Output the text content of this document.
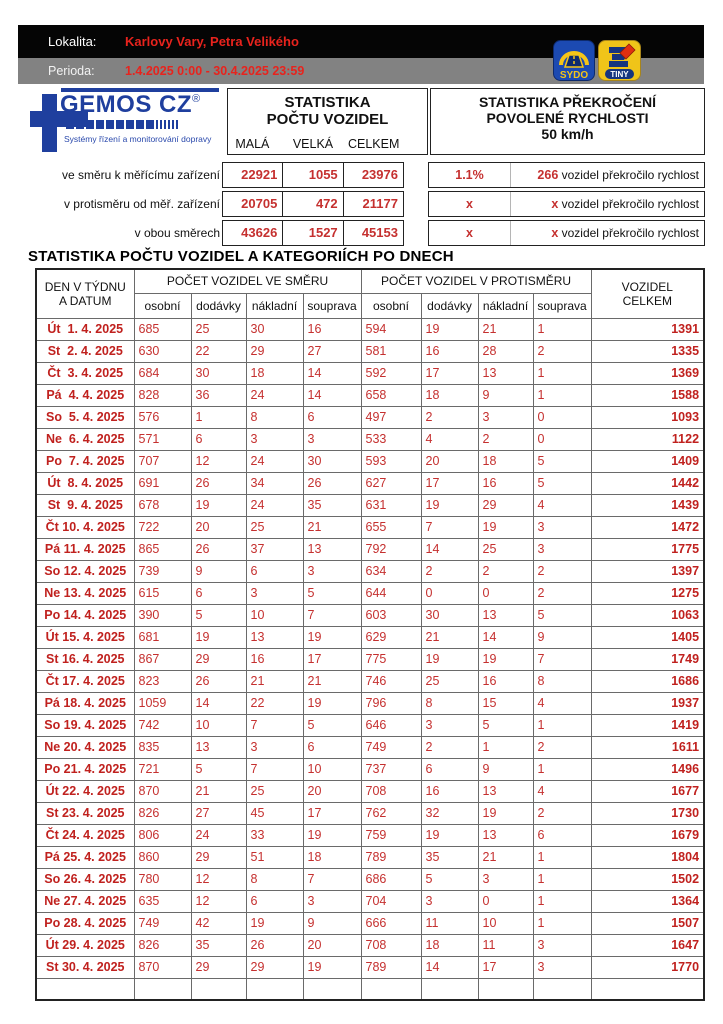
Lokalita: Karlovy Vary, Petra Velikého
Perioda: 1.4.2025 0:00 - 30.4.2025 23:59	SYDO	TINY
GEMOS CZ®
Systémy řízení a monitorování dopravy
STATISTIKA
POČTU VOZIDEL
MALÁ	VELKÁ	CELKEM
STATISTIKA PŘEKROČENÍ
POVOLENÉ RYCHLOSTI
50 km/h
ve směru k měřícímu zařízení
v protisměru od měř. zařízení
v obou směrech
22921	1055	23976
20705	472	21177
43626	1527	45153
1.1%	266 vozidel překročilo rychlost
x	x vozidel překročilo rychlost
x	x vozidel překročilo rychlost
STATISTIKA POČTU VOZIDEL A KATEGORIÍCH PO DNECH
DEN V TÝDNU
A DATUM
	POČET VOZIDEL VE SMĚRU	POČET VOZIDEL V PROTISMĚRU	VOZIDEL
CELKEM

	osobní	dodávky	nákladní	souprava	osobní	dodávky	nákladní	souprava	
Út  1. 4. 2025	685	25	30	16	594	19	21	1	1391
St  2. 4. 2025	630	22	29	27	581	16	28	2	1335
Čt  3. 4. 2025	684	30	18	14	592	17	13	1	1369
Pá  4. 4. 2025	828	36	24	14	658	18	9	1	1588
So  5. 4. 2025	576	1	8	6	497	2	3	0	1093
Ne  6. 4. 2025	571	6	3	3	533	4	2	0	1122
Po  7. 4. 2025	707	12	24	30	593	20	18	5	1409
Út  8. 4. 2025	691	26	34	26	627	17	16	5	1442
St  9. 4. 2025	678	19	24	35	631	19	29	4	1439
Čt 10. 4. 2025	722	20	25	21	655	7	19	3	1472
Pá 11. 4. 2025	865	26	37	13	792	14	25	3	1775
So 12. 4. 2025	739	9	6	3	634	2	2	2	1397
Ne 13. 4. 2025	615	6	3	5	644	0	0	2	1275
Po 14. 4. 2025	390	5	10	7	603	30	13	5	1063
Út 15. 4. 2025	681	19	13	19	629	21	14	9	1405
St 16. 4. 2025	867	29	16	17	775	19	19	7	1749
Čt 17. 4. 2025	823	26	21	21	746	25	16	8	1686
Pá 18. 4. 2025	1059	14	22	19	796	8	15	4	1937
So 19. 4. 2025	742	10	7	5	646	3	5	1	1419
Ne 20. 4. 2025	835	13	3	6	749	2	1	2	1611
Po 21. 4. 2025	721	5	7	10	737	6	9	1	1496
Út 22. 4. 2025	870	21	25	20	708	16	13	4	1677
St 23. 4. 2025	826	27	45	17	762	32	19	2	1730
Čt 24. 4. 2025	806	24	33	19	759	19	13	6	1679
Pá 25. 4. 2025	860	29	51	18	789	35	21	1	1804
So 26. 4. 2025	780	12	8	7	686	5	3	1	1502
Ne 27. 4. 2025	635	12	6	3	704	3	0	1	1364
Po 28. 4. 2025	749	42	19	9	666	11	10	1	1507
Út 29. 4. 2025	826	35	26	20	708	18	11	3	1647
St 30. 4. 2025	870	29	29	19	789	14	17	3	1770
